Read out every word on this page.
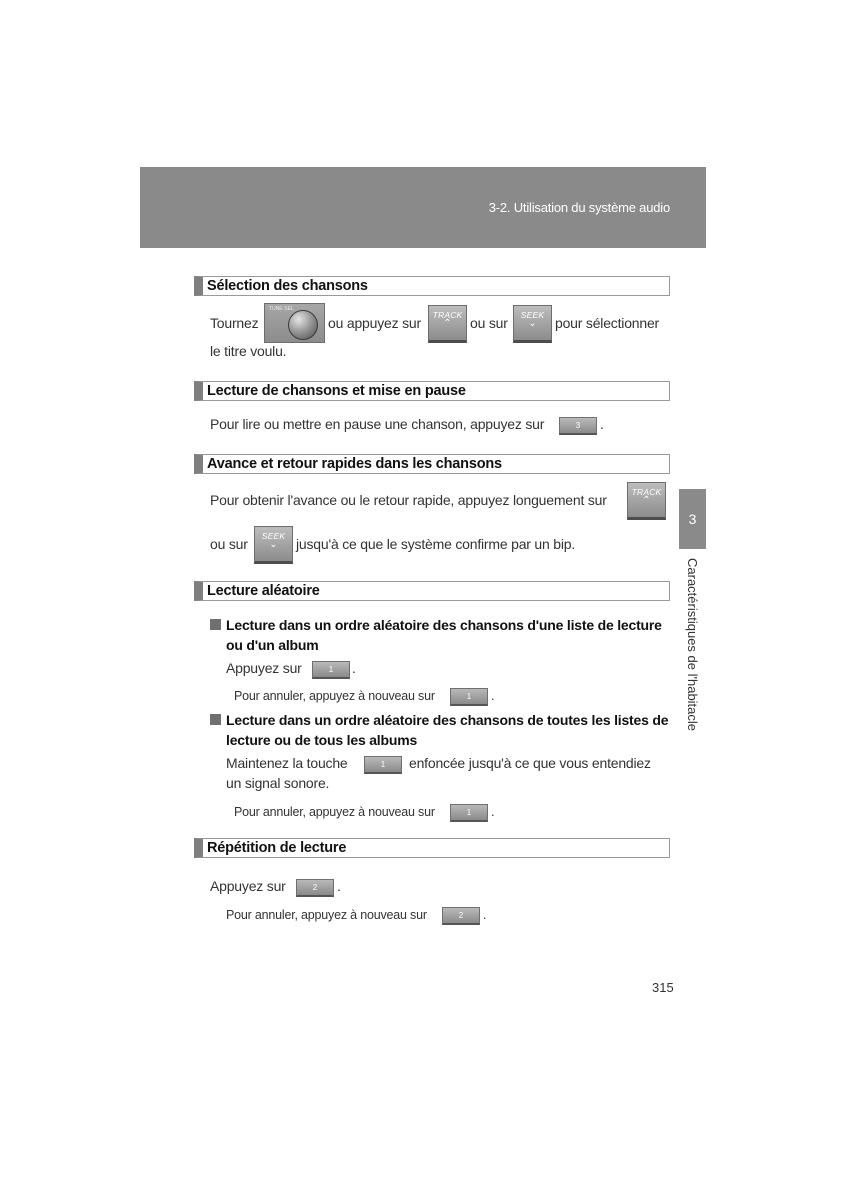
3-2. Utilisation du système audio
3
Caractéristiques de l'habitacle
Sélection des chansons
Tournez
TUNE·SEL
ou appuyez sur	TRACK
⌃	ou sur	SEEK
⌄	pour sélectionner
le titre voulu.
Lecture de chansons et mise en pause
Pour lire ou mettre en pause une chanson, appuyez sur	3	.
Avance et retour rapides dans les chansons
Pour obtenir l'avance ou le retour rapide, appuyez longuement sur	TRACK
⌃
ou sur	SEEK
⌄	jusqu'à ce que le système confirme par un bip.
Lecture aléatoire
Lecture dans un ordre aléatoire des chansons d'une liste de lecture
ou d'un album
Appuyez sur	1	.
Pour annuler, appuyez à nouveau sur	1	.
Lecture dans un ordre aléatoire des chansons de toutes les listes de
lecture ou de tous les albums
Maintenez la touche	1	enfoncée jusqu'à ce que vous entendiez
un signal sonore.
Pour annuler, appuyez à nouveau sur	1	.
Répétition de lecture
Appuyez sur	2	.
Pour annuler, appuyez à nouveau sur	2	.
315
